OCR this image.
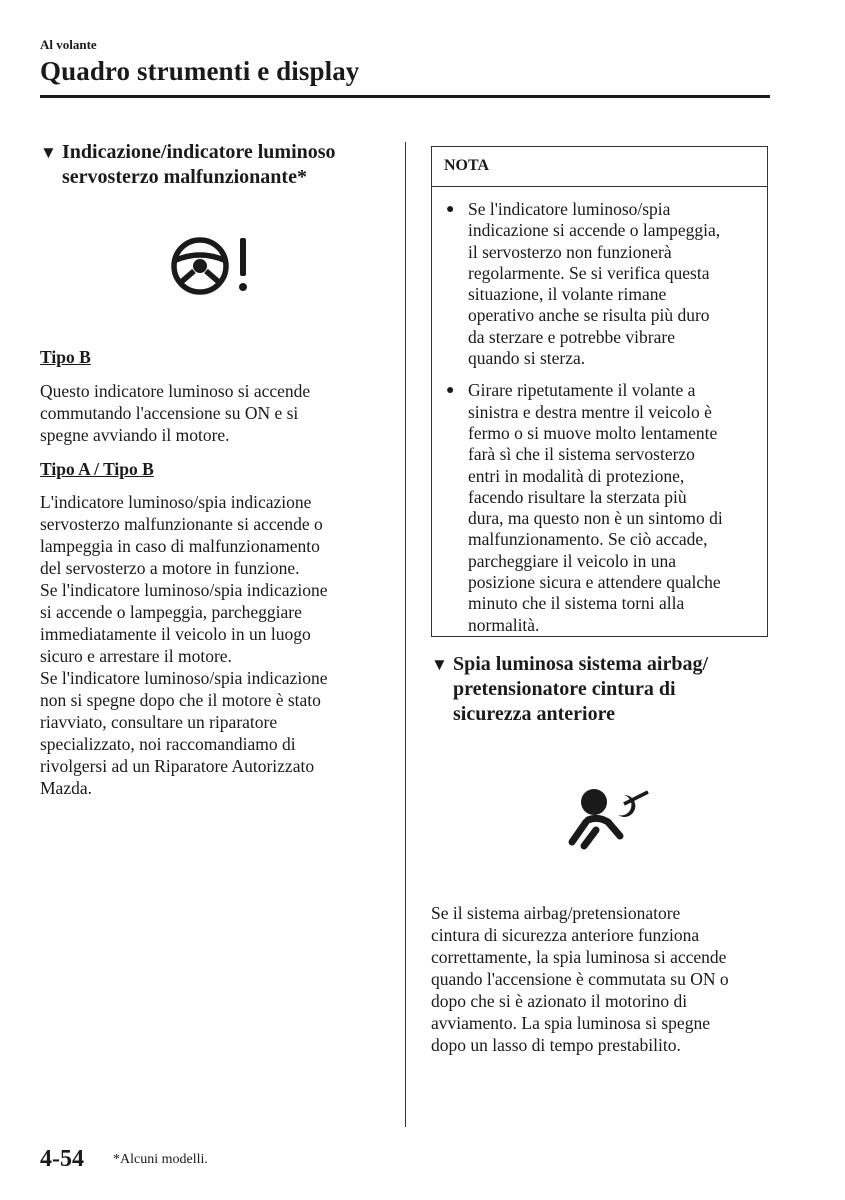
Al volante
Quadro strumenti e display
▼ Indicazione/indicatore luminoso
servosterzo malfunzionante*
Tipo B

Questo indicatore luminoso si accende

commutando l'accensione su ON e si

spegne avviando il motore.

Tipo A / Tipo B

L'indicatore luminoso/spia indicazione

servosterzo malfunzionante si accende o

lampeggia in caso di malfunzionamento

del servosterzo a motore in funzione.

Se l'indicatore luminoso/spia indicazione

si accende o lampeggia, parcheggiare

immediatamente il veicolo in un luogo

sicuro e arrestare il motore.

Se l'indicatore luminoso/spia indicazione

non si spegne dopo che il motore è stato

riavviato, consultare un riparatore

specializzato, noi raccomandiamo di

rivolgersi ad un Riparatore Autorizzato

Mazda.

NOTA
● Se l'indicatore luminoso/spia
indicazione si accende o lampeggia,
il servosterzo non funzionerà
regolarmente. Se si verifica questa
situazione, il volante rimane
operativo anche se risulta più duro
da sterzare e potrebbe vibrare
quando si sterza.
● Girare ripetutamente il volante a
sinistra e destra mentre il veicolo è
fermo o si muove molto lentamente
farà sì che il sistema servosterzo
entri in modalità di protezione,
facendo risultare la sterzata più
dura, ma questo non è un sintomo di
malfunzionamento. Se ciò accade,
parcheggiare il veicolo in una
posizione sicura e attendere qualche
minuto che il sistema torni alla
normalità.
▼ Spia luminosa sistema airbag/
pretensionatore cintura di
sicurezza anteriore

Se il sistema airbag/pretensionatore

cintura di sicurezza anteriore funziona

correttamente, la spia luminosa si accende

quando l'accensione è commutata su ON o

dopo che si è azionato il motorino di

avviamento. La spia luminosa si spegne

dopo un lasso di tempo prestabilito.

4-54 *Alcuni modelli.
